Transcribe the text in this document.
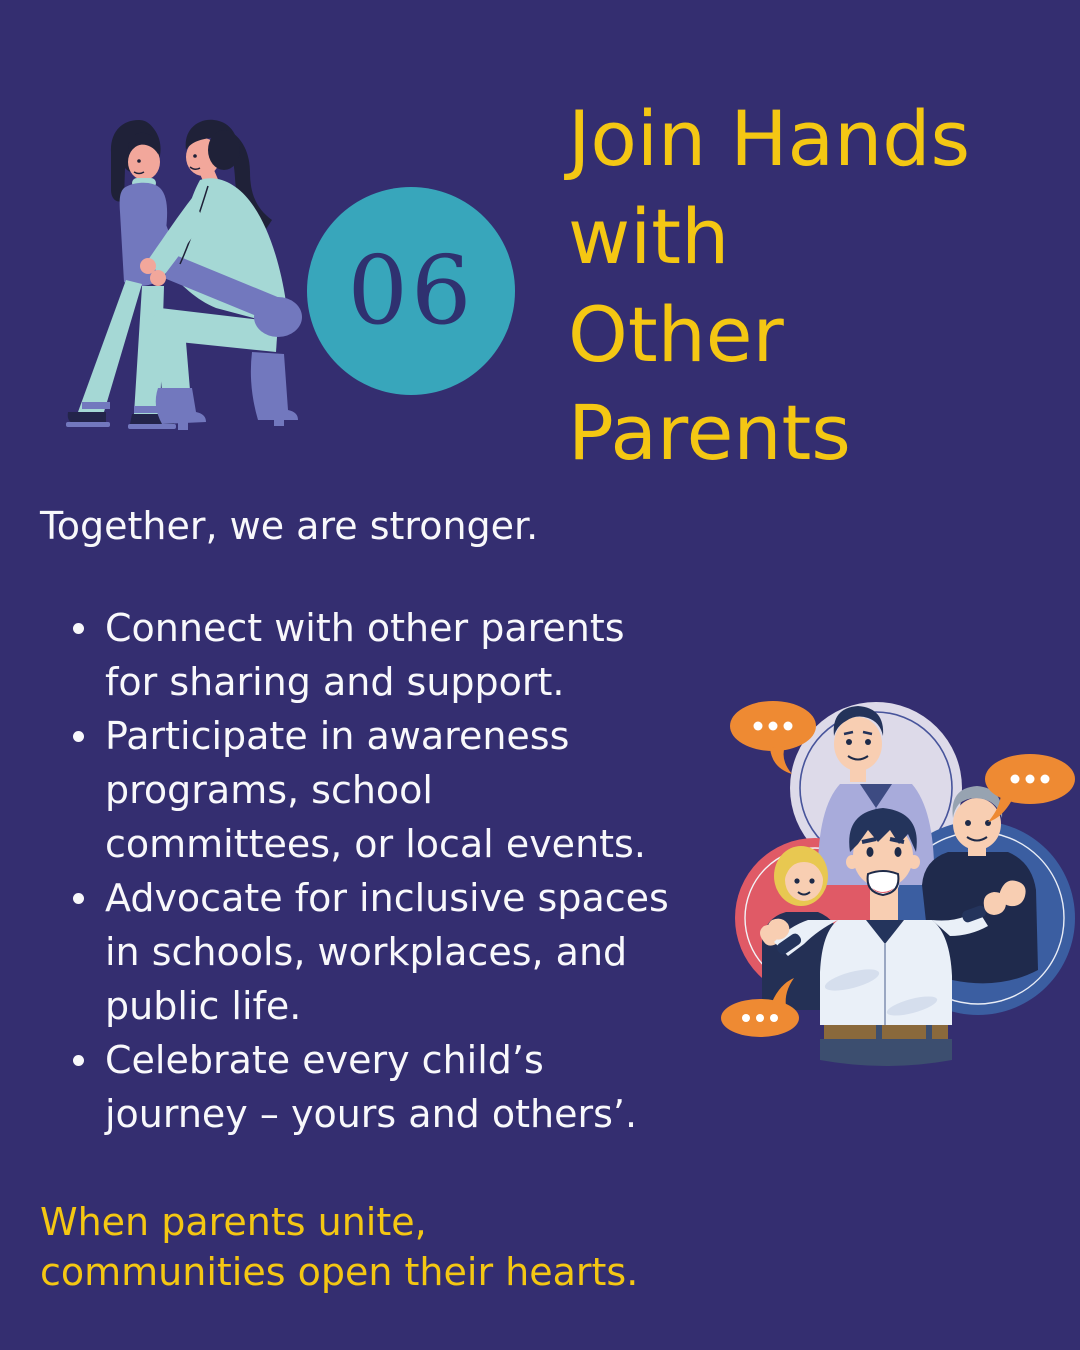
06
Join Hands
with
Other
Parents

Together, we are stronger.

Connect with other parents
for sharing and support.
Participate in awareness
programs, school
committees, or local events.
Advocate for inclusive spaces
in schools, workplaces, and
public life.
Celebrate every child’s
journey – yours and others’.

When parents unite,
communities open their hearts.
